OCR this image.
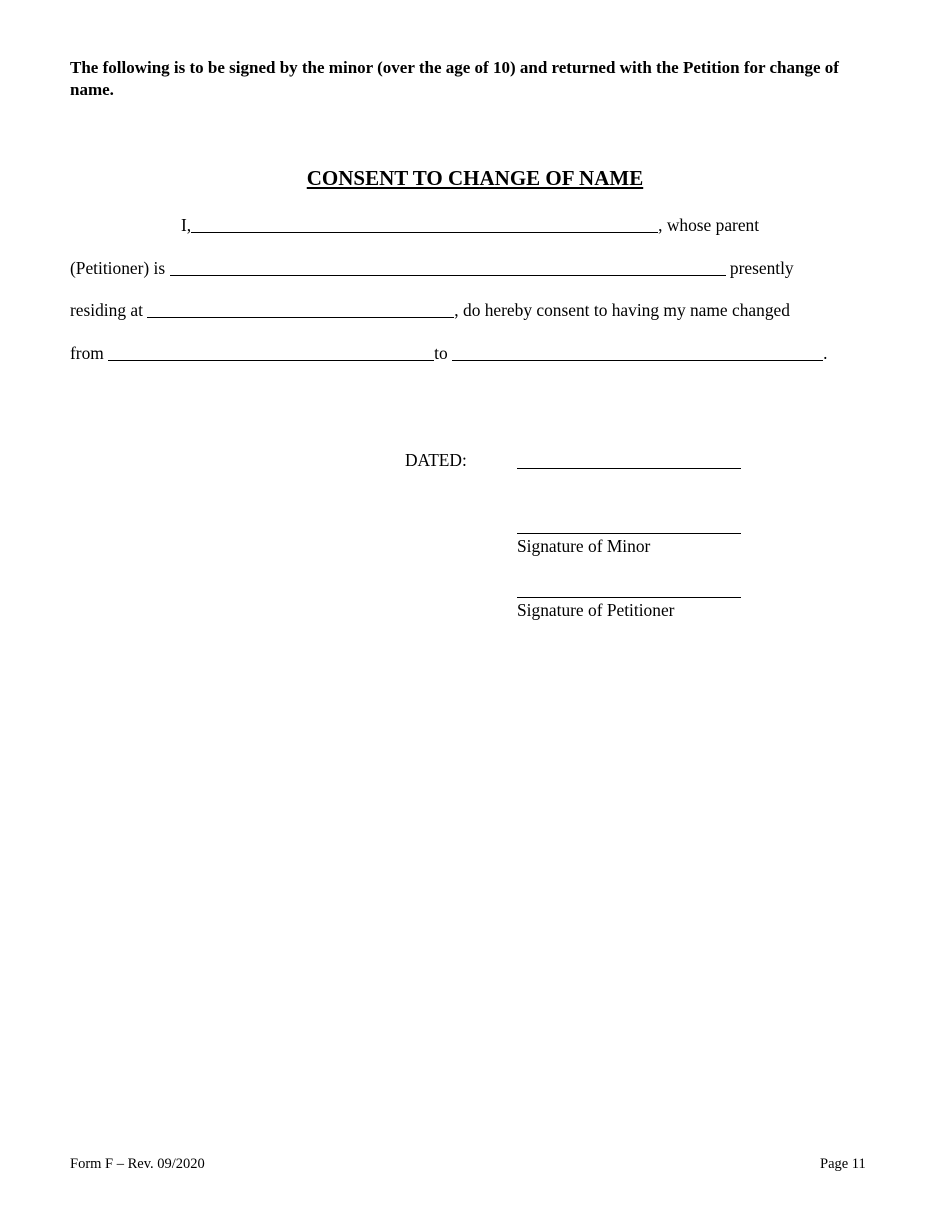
The following is to be signed by the minor (over the age of 10) and returned with the Petition for change of name.
CONSENT TO CHANGE OF NAME
I,	, whose parent
(Petitioner) is	presently
residing at	, do hereby consent to having my name changed
from	to	.
DATED:
Signature of Minor
Signature of Petitioner
Form F – Rev. 09/2020	Page 11
